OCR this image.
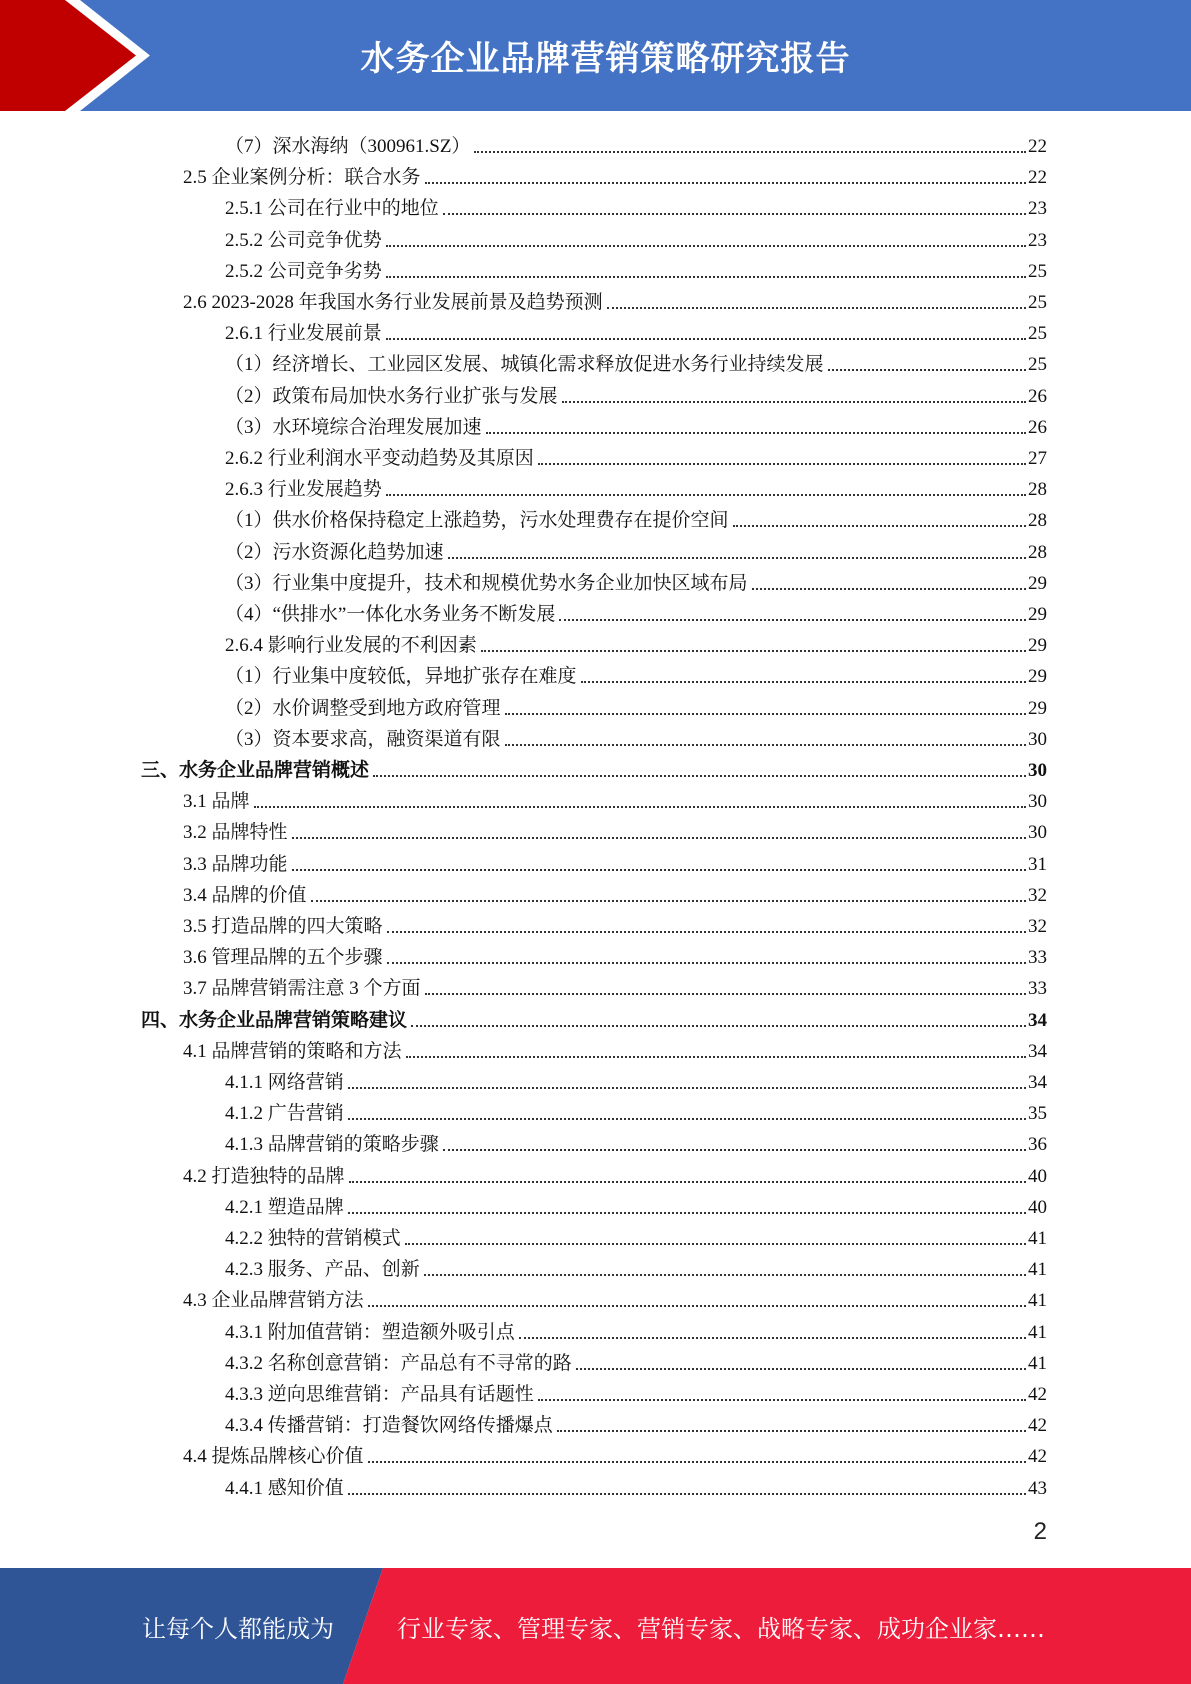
水务企业品牌营销策略研究报告
（7）深水海纳（300961.SZ）	22
2.5 企业案例分析：联合水务	22
2.5.1 公司在行业中的地位	23
2.5.2 公司竞争优势	23
2.5.2 公司竞争劣势	25
2.6 2023-2028 年我国水务行业发展前景及趋势预测	25
2.6.1 行业发展前景	25
（1）经济增长、工业园区发展、城镇化需求释放促进水务行业持续发展	25
（2）政策布局加快水务行业扩张与发展	26
（3）水环境综合治理发展加速	26
2.6.2 行业利润水平变动趋势及其原因	27
2.6.3 行业发展趋势	28
（1）供水价格保持稳定上涨趋势，污水处理费存在提价空间	28
（2）污水资源化趋势加速	28
（3）行业集中度提升，技术和规模优势水务企业加快区域布局	29
（4）“供排水”一体化水务业务不断发展	29
2.6.4 影响行业发展的不利因素	29
（1）行业集中度较低，异地扩张存在难度	29
（2）水价调整受到地方政府管理	29
（3）资本要求高，融资渠道有限	30
三、水务企业品牌营销概述	30
3.1 品牌	30
3.2 品牌特性	30
3.3 品牌功能	31
3.4 品牌的价值	32
3.5 打造品牌的四大策略	32
3.6 管理品牌的五个步骤	33
3.7 品牌营销需注意 3 个方面	33
四、水务企业品牌营销策略建议	34
4.1 品牌营销的策略和方法	34
4.1.1 网络营销	34
4.1.2 广告营销	35
4.1.3 品牌营销的策略步骤	36
4.2 打造独特的品牌	40
4.2.1 塑造品牌	40
4.2.2 独特的营销模式	41
4.2.3 服务、产品、创新	41
4.3 企业品牌营销方法	41
4.3.1 附加值营销：塑造额外吸引点	41
4.3.2 名称创意营销：产品总有不寻常的路	41
4.3.3 逆向思维营销：产品具有话题性	42
4.3.4 传播营销：打造餐饮网络传播爆点	42
4.4 提炼品牌核心价值	42
4.4.1 感知价值	43
2
让每个人都能成为	行业专家、管理专家、营销专家、战略专家、成功企业家……
